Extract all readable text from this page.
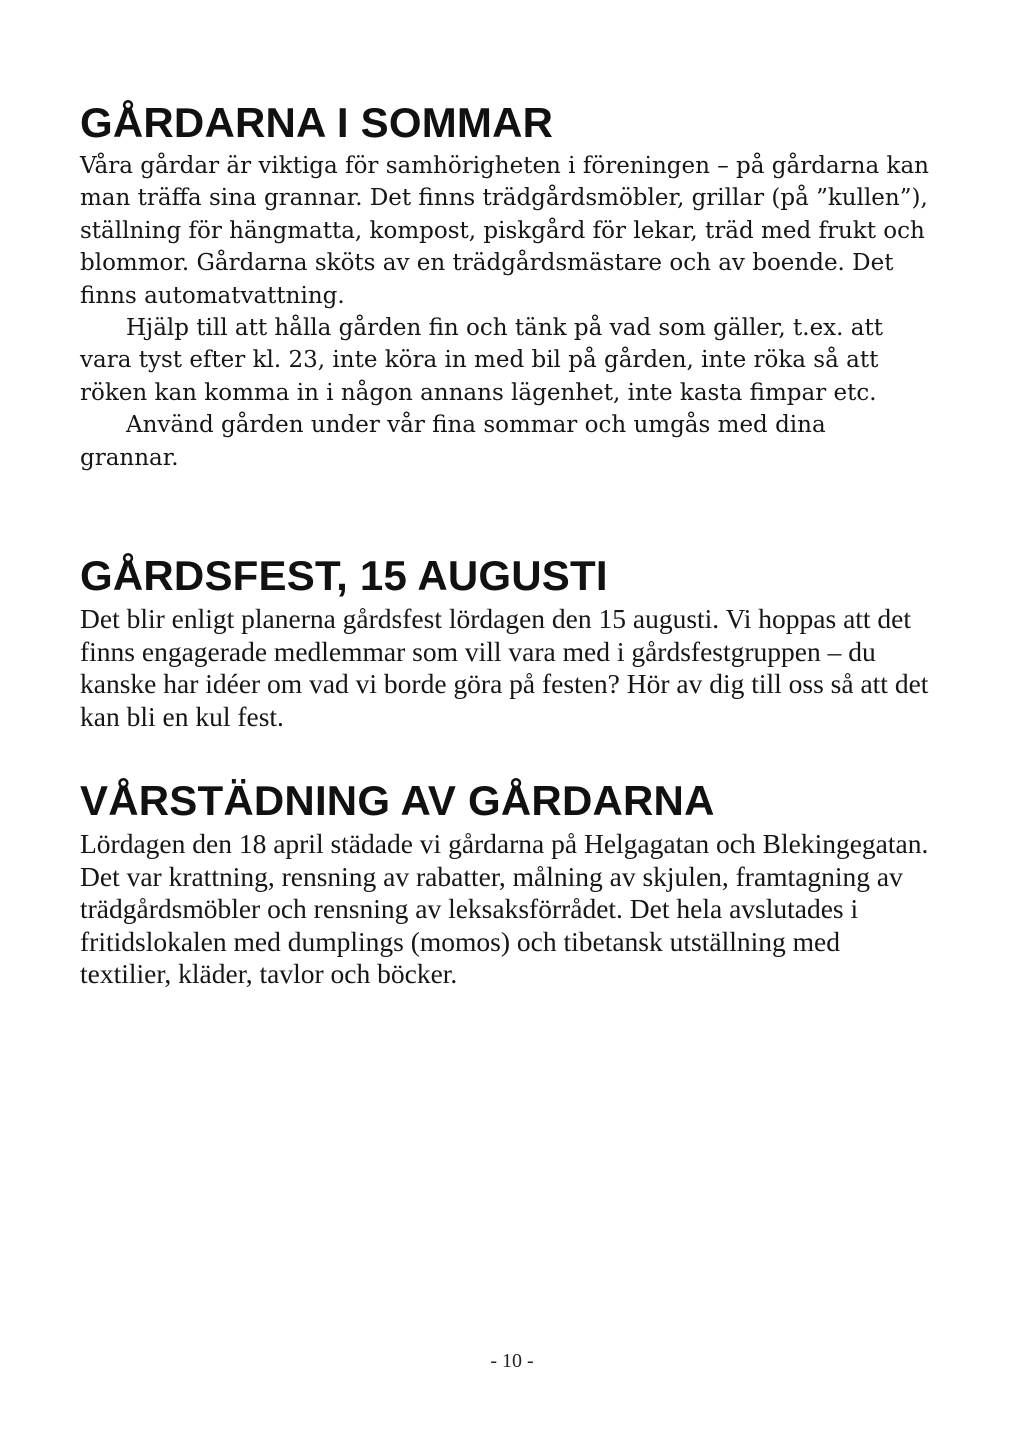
GÅRDARNA I SOMMAR

Våra gårdar är viktiga för samhörigheten i föreningen – på gårdarna kan man träffa sina grannar. Det finns trädgårdsmöbler, grillar (på ”kullen”), ställning för hängmatta, kompost, piskgård för lekar, träd med frukt och blommor. Gårdarna sköts av en trädgårdsmästare och av boende. Det finns automatvattning.

Hjälp till att hålla gården fin och tänk på vad som gäller, t.ex. att vara tyst efter kl. 23, inte köra in med bil på gården, inte röka så att röken kan komma in i någon annans lägenhet, inte kasta fimpar etc.

Använd gården under vår fina sommar och umgås med dina grannar.

GÅRDSFEST, 15 AUGUSTI

Det blir enligt planerna gårdsfest lördagen den 15 augusti. Vi hoppas att det finns engagerade medlemmar som vill vara med i gårdsfestgruppen – du kanske har idéer om vad vi borde göra på festen? Hör av dig till oss så att det kan bli en kul fest.

VÅRSTÄDNING AV GÅRDARNA

Lördagen den 18 april städade vi gårdarna på Helgagatan och Blekingegatan. Det var krattning, rensning av rabatter, målning av skjulen, framtagning av trädgårdsmöbler och rensning av leksaksförrådet. Det hela avslutades i fritidslokalen med dumplings (momos) och tibetansk utställning med textilier, kläder, tavlor och böcker.

- 10 -
